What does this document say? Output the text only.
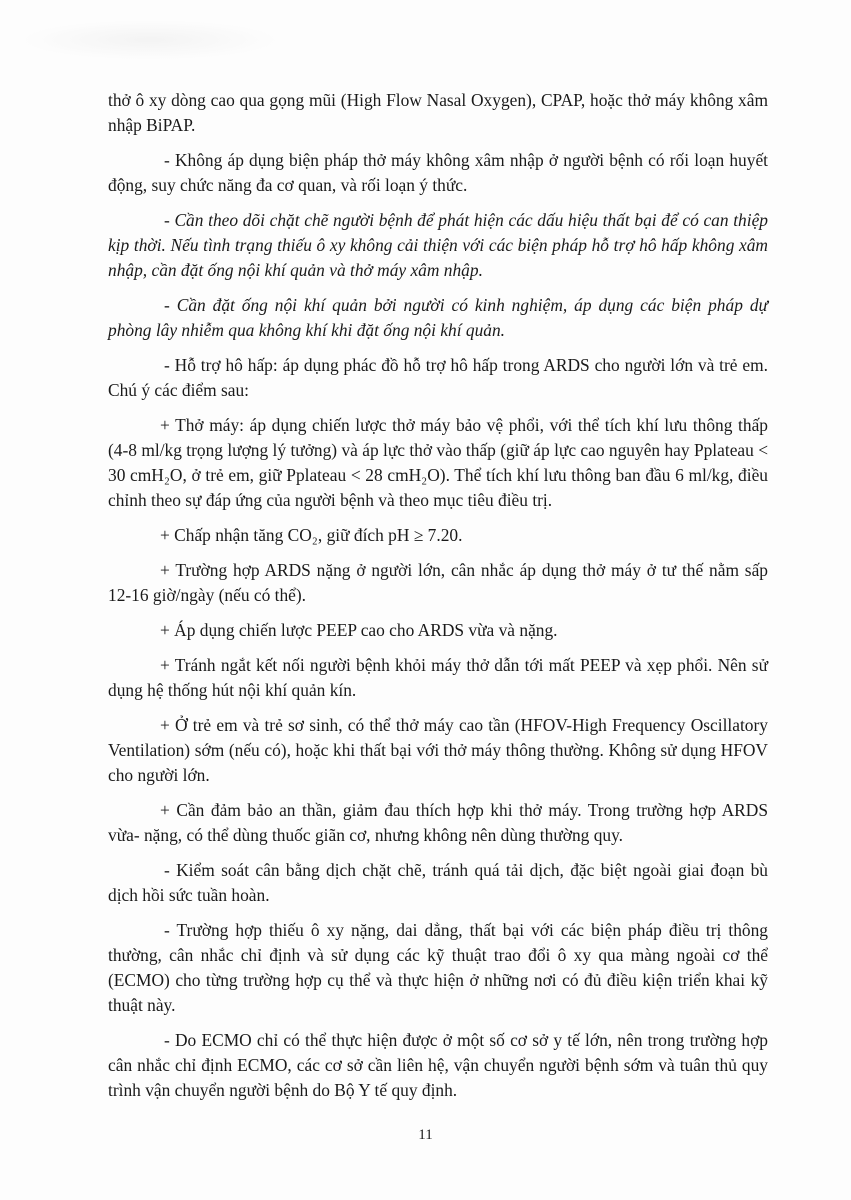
thở ô xy dòng cao qua gọng mũi (High Flow Nasal Oxygen), CPAP, hoặc thở máy không xâm nhập BiPAP.

- Không áp dụng biện pháp thở máy không xâm nhập ở người bệnh có rối loạn huyết động, suy chức năng đa cơ quan, và rối loạn ý thức.

- Cần theo dõi chặt chẽ người bệnh để phát hiện các dấu hiệu thất bại để có can thiệp kịp thời. Nếu tình trạng thiếu ô xy không cải thiện với các biện pháp hỗ trợ hô hấp không xâm nhập, cần đặt ống nội khí quản và thở máy xâm nhập.

- Cần đặt ống nội khí quản bởi người có kinh nghiệm, áp dụng các biện pháp dự phòng lây nhiễm qua không khí khi đặt ống nội khí quản.

- Hỗ trợ hô hấp: áp dụng phác đồ hỗ trợ hô hấp trong ARDS cho người lớn và trẻ em. Chú ý các điểm sau:

+ Thở máy: áp dụng chiến lược thở máy bảo vệ phổi, với thể tích khí lưu thông thấp (4-8 ml/kg trọng lượng lý tưởng) và áp lực thở vào thấp (giữ áp lực cao nguyên hay Pplateau < 30 cmH₂O, ở trẻ em, giữ Pplateau < 28 cmH₂O). Thể tích khí lưu thông ban đầu 6 ml/kg, điều chỉnh theo sự đáp ứng của người bệnh và theo mục tiêu điều trị.

+ Chấp nhận tăng CO₂, giữ đích pH ≥ 7.20.

+ Trường hợp ARDS nặng ở người lớn, cân nhắc áp dụng thở máy ở tư thế nằm sấp 12-16 giờ/ngày (nếu có thể).

+ Áp dụng chiến lược PEEP cao cho ARDS vừa và nặng.

+ Tránh ngắt kết nối người bệnh khỏi máy thở dẫn tới mất PEEP và xẹp phổi. Nên sử dụng hệ thống hút nội khí quản kín.

+ Ở trẻ em và trẻ sơ sinh, có thể thở máy cao tần (HFOV-High Frequency Oscillatory Ventilation) sớm (nếu có), hoặc khi thất bại với thở máy thông thường. Không sử dụng HFOV cho người lớn.

+ Cần đảm bảo an thần, giảm đau thích hợp khi thở máy. Trong trường hợp ARDS vừa- nặng, có thể dùng thuốc giãn cơ, nhưng không nên dùng thường quy.

- Kiểm soát cân bằng dịch chặt chẽ, tránh quá tải dịch, đặc biệt ngoài giai đoạn bù dịch hồi sức tuần hoàn.

- Trường hợp thiếu ô xy nặng, dai dẳng, thất bại với các biện pháp điều trị thông thường, cân nhắc chỉ định và sử dụng các kỹ thuật trao đổi ô xy qua màng ngoài cơ thể (ECMO) cho từng trường hợp cụ thể và thực hiện ở những nơi có đủ điều kiện triển khai kỹ thuật này.

- Do ECMO chỉ có thể thực hiện được ở một số cơ sở y tế lớn, nên trong trường hợp cân nhắc chỉ định ECMO, các cơ sở cần liên hệ, vận chuyển người bệnh sớm và tuân thủ quy trình vận chuyển người bệnh do Bộ Y tế quy định.

11
